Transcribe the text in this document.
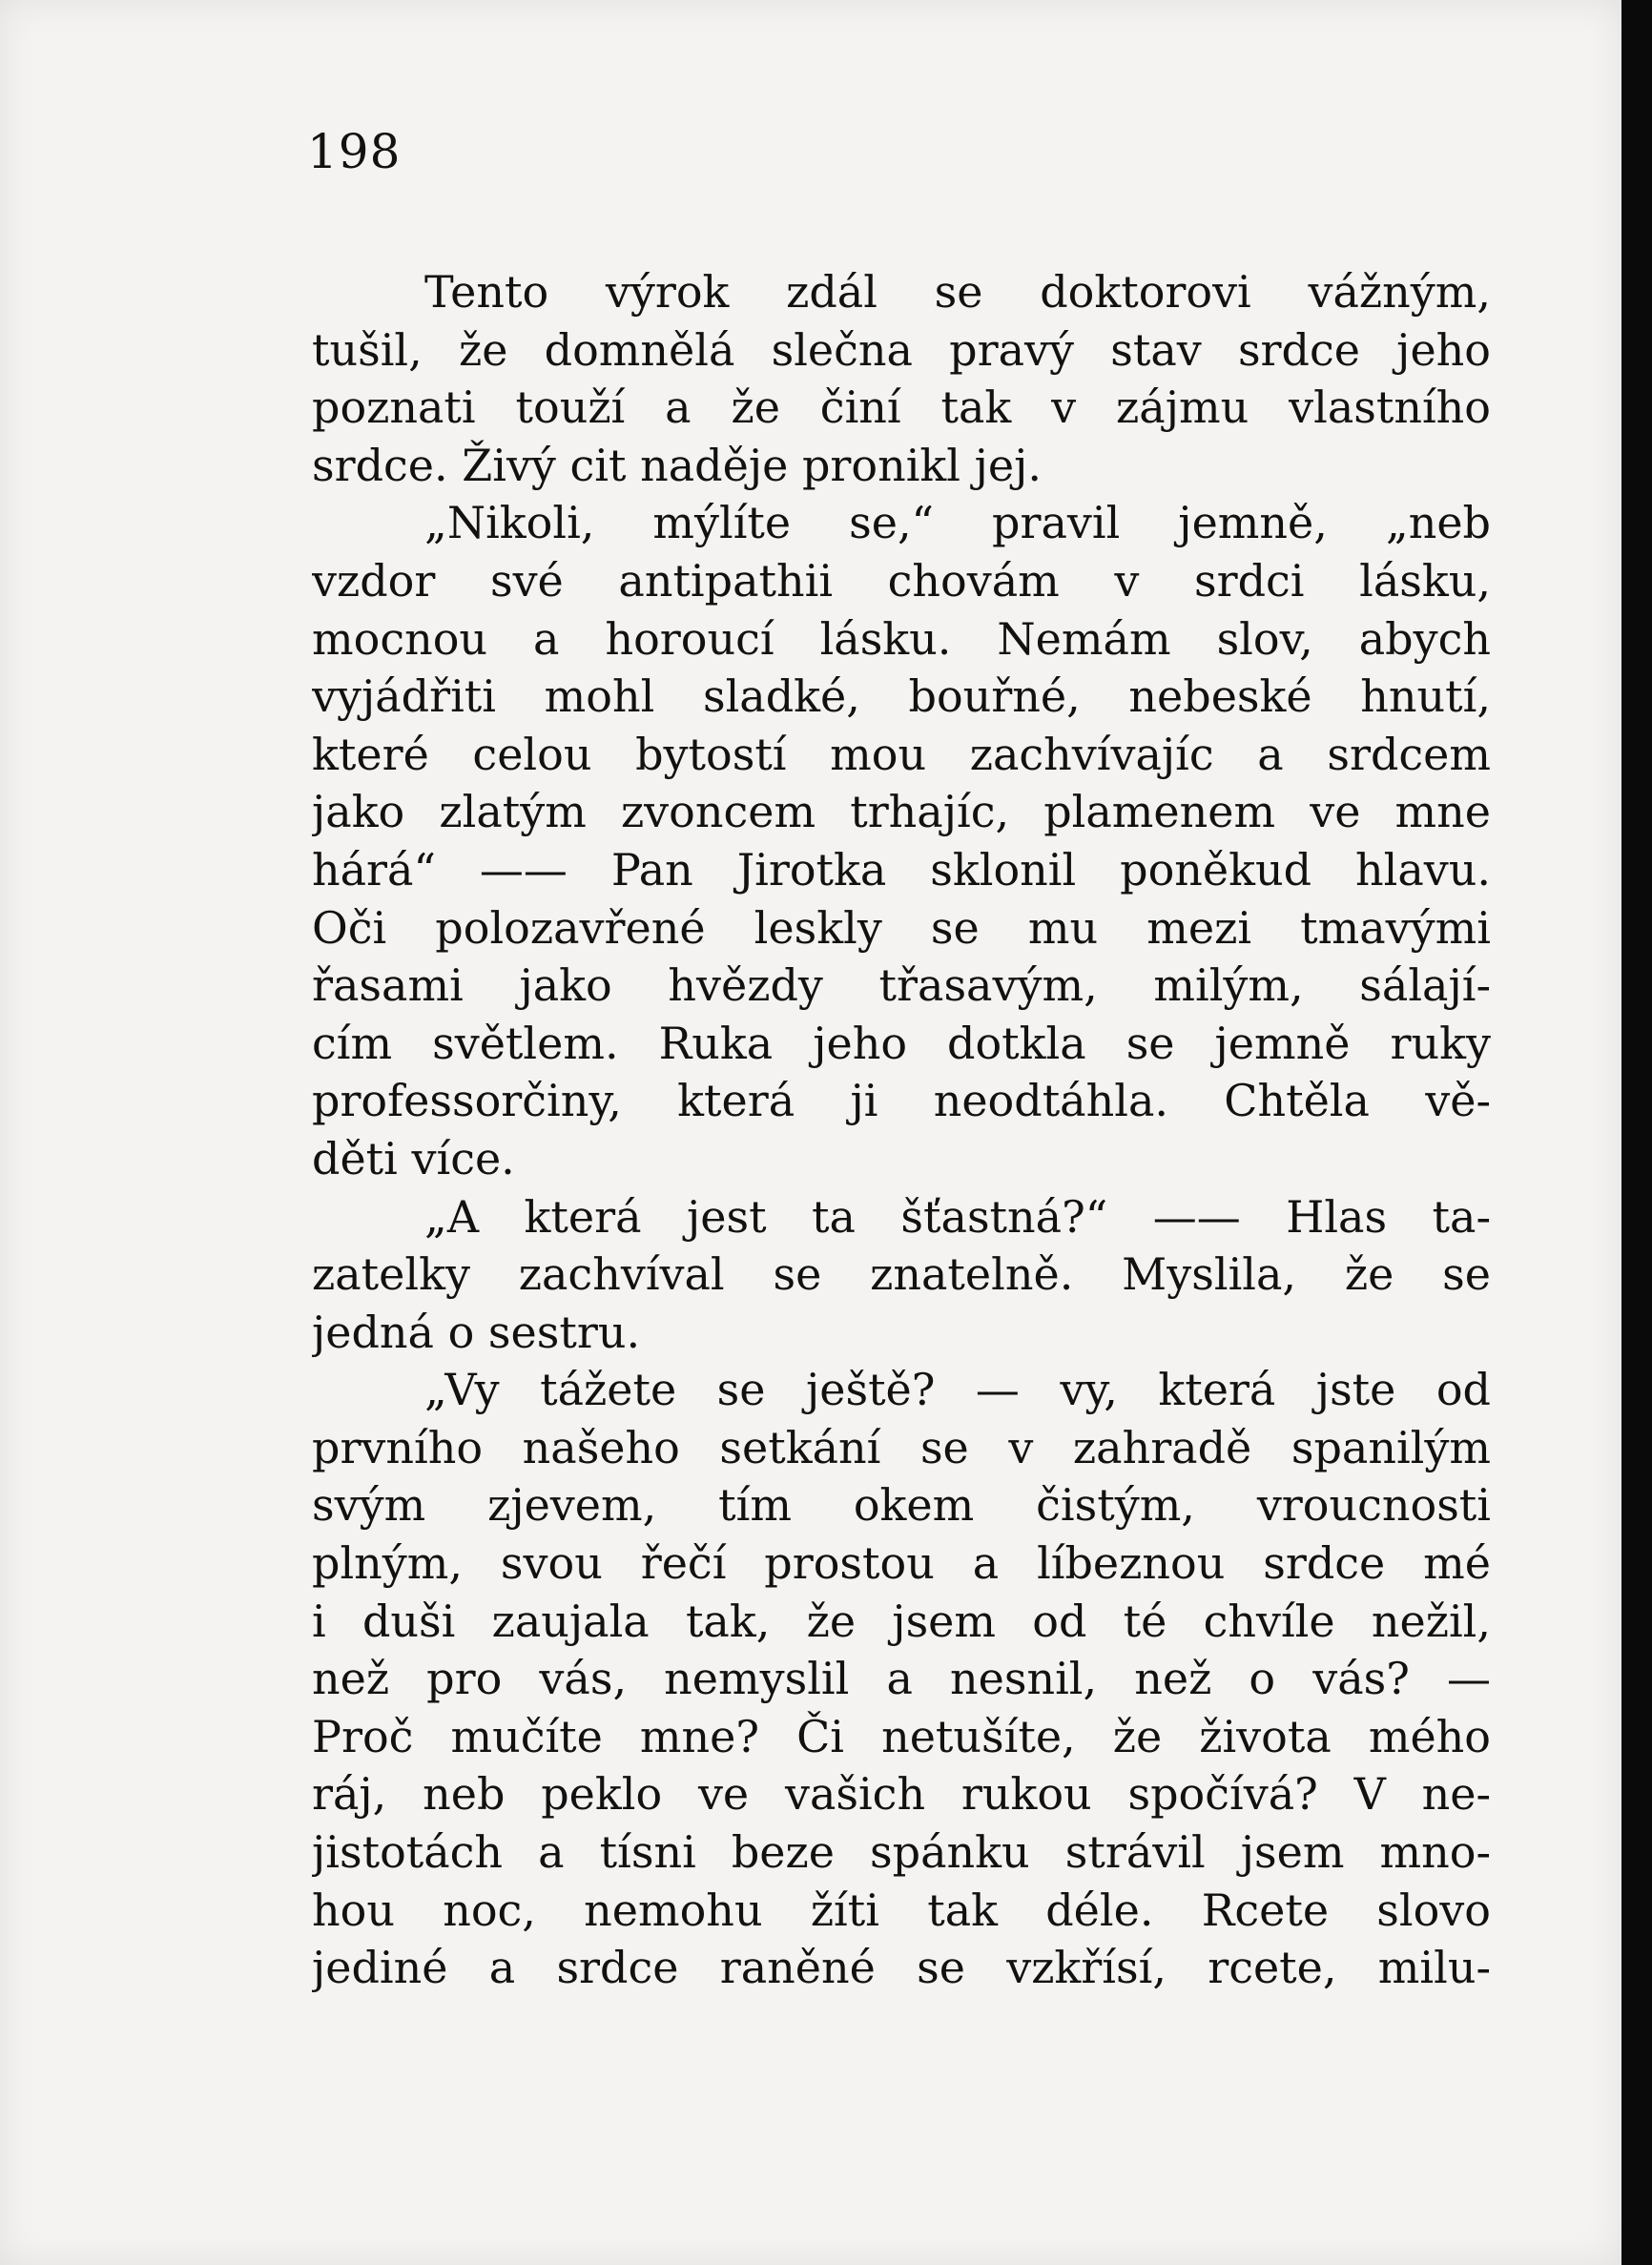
198
Tento výrok zdál se doktorovi vážným,
tušil, že domnělá slečna pravý stav srdce jeho
poznati touží a že činí tak v zájmu vlastního
srdce. Živý cit naděje pronikl jej.
„Nikoli, mýlíte se,“ pravil jemně, „neb
vzdor své antipathii chovám v srdci lásku,
mocnou a horoucí lásku. Nemám slov, abych
vyjádřiti mohl sladké, bouřné, nebeské hnutí,
které celou bytostí mou zachvívajíc a srdcem
jako zlatým zvoncem trhajíc, plamenem ve mne
hárá“ —— Pan Jirotka sklonil poněkud hlavu.
Oči polozavřené leskly se mu mezi tmavými
řasami jako hvězdy třasavým, milým, sálají-
cím světlem. Ruka jeho dotkla se jemně ruky
professorčiny, která ji neodtáhla. Chtěla vě-
děti více.
„A která jest ta šťastná?“ —— Hlas ta-
zatelky zachvíval se znatelně. Myslila, že se
jedná o sestru.
„Vy tážete se ještě? — vy, která jste od
prvního našeho setkání se v zahradě spanilým
svým zjevem, tím okem čistým, vroucnosti
plným, svou řečí prostou a líbeznou srdce mé
i duši zaujala tak, že jsem od té chvíle nežil,
než pro vás, nemyslil a nesnil, než o vás? —
Proč mučíte mne? Či netušíte, že života mého
ráj, neb peklo ve vašich rukou spočívá? V ne-
jistotách a tísni beze spánku strávil jsem mno-
hou noc, nemohu žíti tak déle. Rcete slovo
jediné a srdce raněné se vzkřísí, rcete, milu-
